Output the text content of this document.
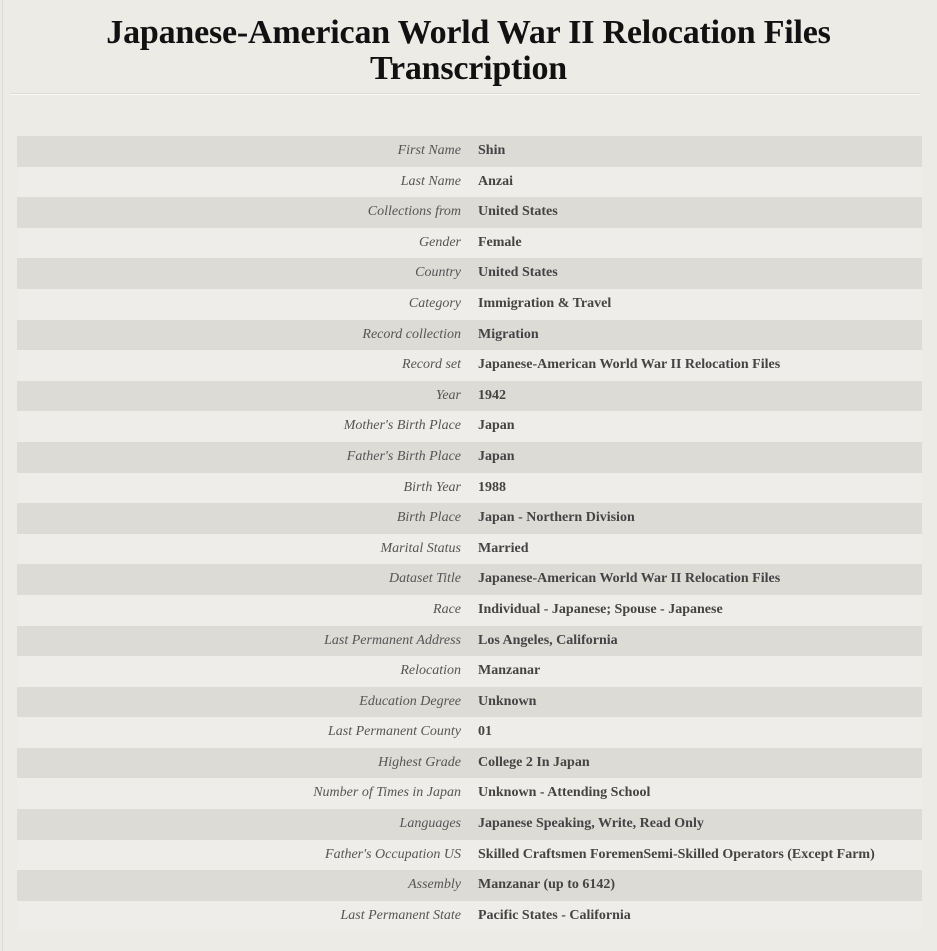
Japanese-American World War II Relocation Files
Transcription
First Name	Shin
Last Name	Anzai
Collections from	United States
Gender	Female
Country	United States
Category	Immigration & Travel
Record collection	Migration
Record set	Japanese-American World War II Relocation Files
Year	1942
Mother's Birth Place	Japan
Father's Birth Place	Japan
Birth Year	1988
Birth Place	Japan - Northern Division
Marital Status	Married
Dataset Title	Japanese-American World War II Relocation Files
Race	Individual - Japanese; Spouse - Japanese
Last Permanent Address	Los Angeles, California
Relocation	Manzanar
Education Degree	Unknown
Last Permanent County	01
Highest Grade	College 2 In Japan
Number of Times in Japan	Unknown - Attending School
Languages	Japanese Speaking, Write, Read Only
Father's Occupation US	Skilled Craftsmen ForemenSemi-Skilled Operators (Except Farm)
Assembly	Manzanar (up to 6142)
Last Permanent State	Pacific States - California
